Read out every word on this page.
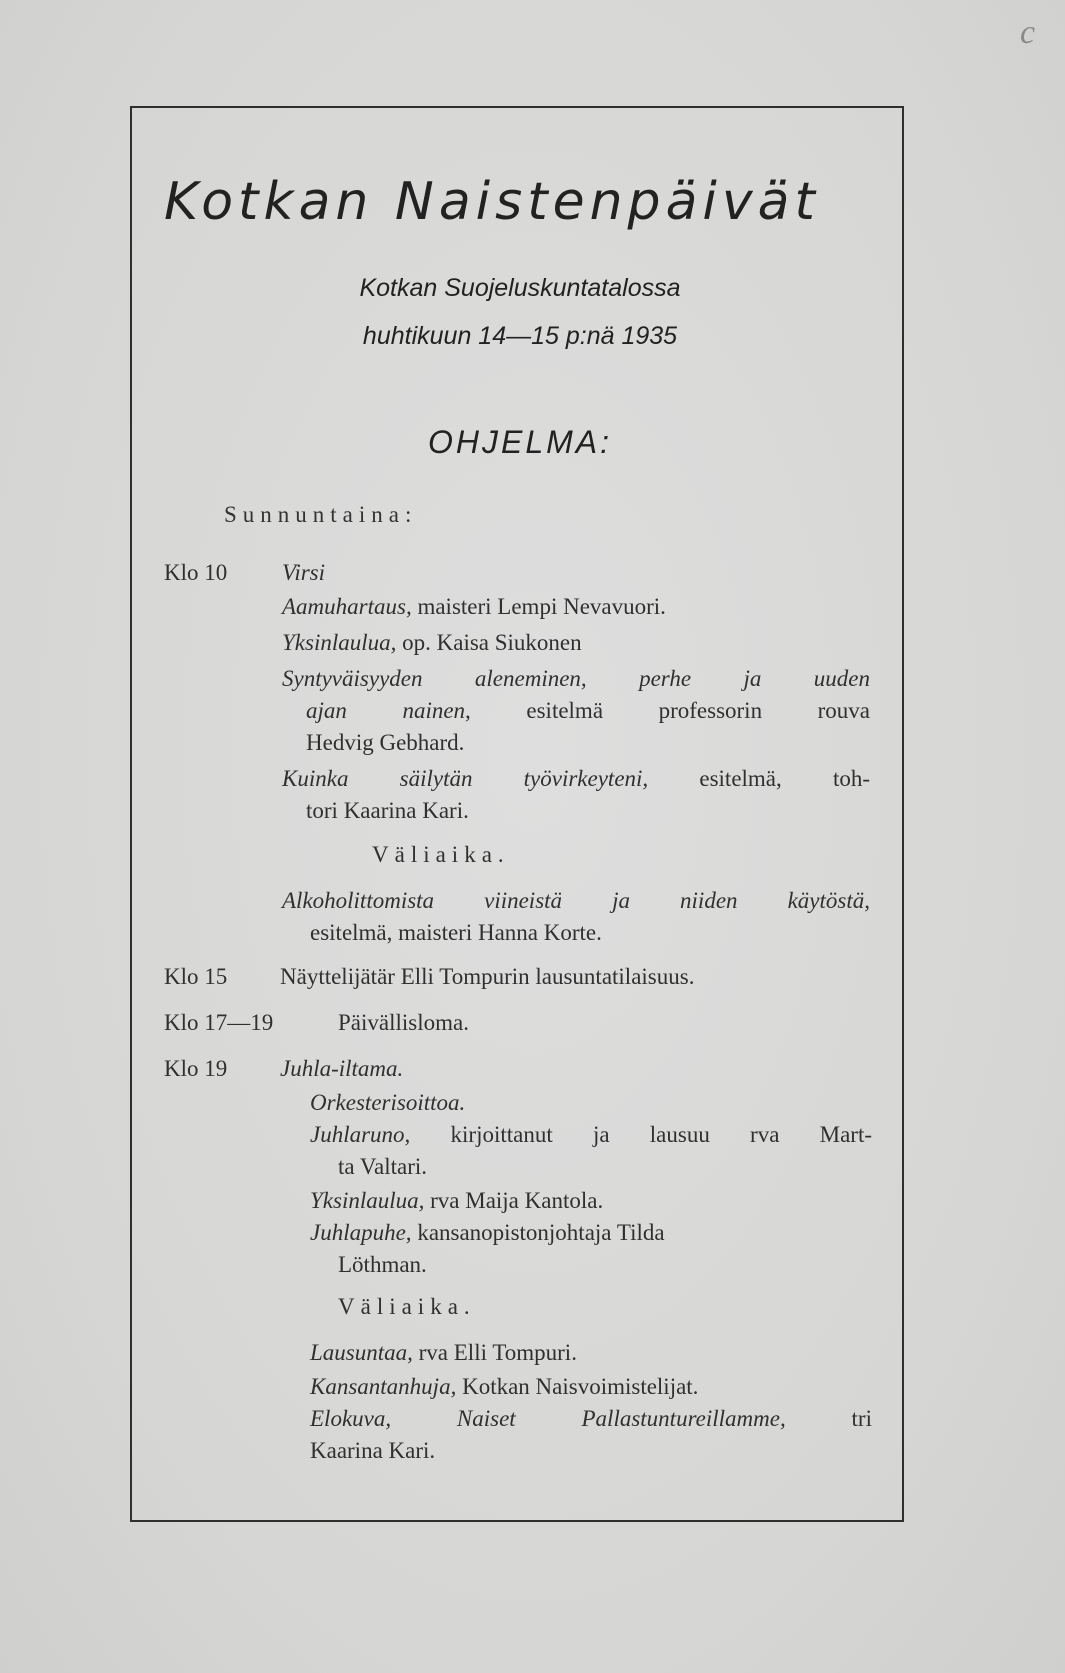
c
Kotkan Naistenpäivät
Kotkan Suojeluskuntatalossa
huhtikuun 14—15 p:nä 1935
OHJELMA:
Sunnuntaina:
Klo 10 Virsi
Aamuhartaus, maisteri Lempi Nevavuori.
Yksinlaulua, op. Kaisa Siukonen
Syntyväisyyden aleneminen, perhe ja uuden
ajan nainen, esitelmä professorin rouva
Hedvig Gebhard.
Kuinka säilytän työvirkeyteni, esitelmä, toh-
tori Kaarina Kari.
Väliaika.
Alkoholittomista viineistä ja niiden käytöstä,
esitelmä, maisteri Hanna Korte.
Klo 15 Näyttelijätär Elli Tompurin lausuntatilaisuus.
Klo 17—19	Päivällisloma.
Klo 19 Juhla-iltama.
Orkesterisoittoa.
Juhlaruno, kirjoittanut ja lausuu rva Mart-
ta Valtari.
Yksinlaulua, rva Maija Kantola.
Juhlapuhe, kansanopistonjohtaja Tilda
Löthman.
Väliaika.
Lausuntaa, rva Elli Tompuri.
Kansantanhuja, Kotkan Naisvoimistelijat.
Elokuva, Naiset Pallastuntureillamme,	tri
Kaarina Kari.
